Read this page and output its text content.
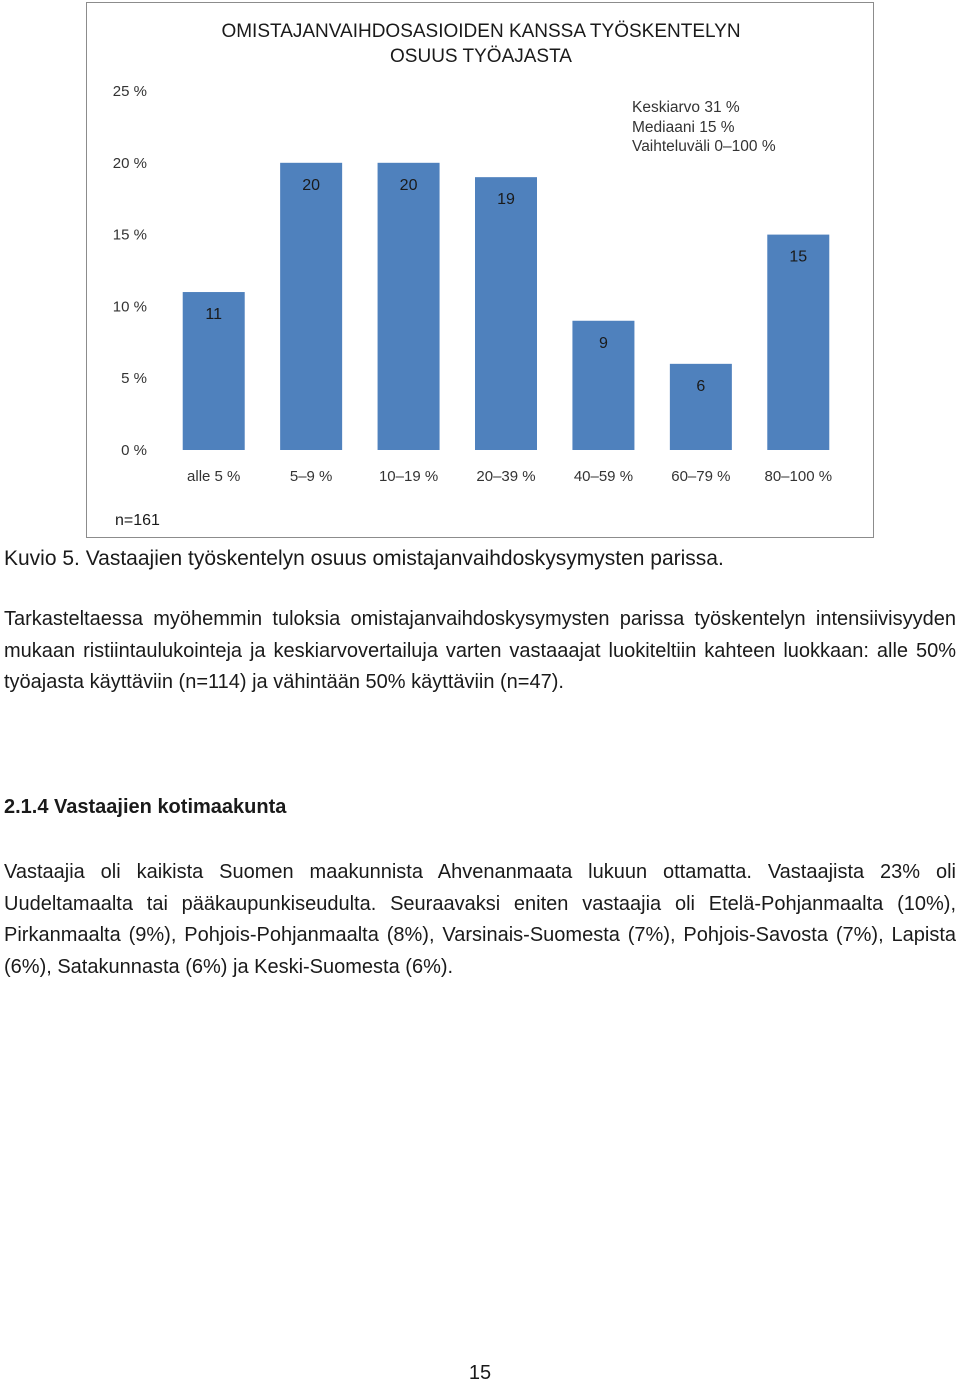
OMISTAJANVAIHDOSASIOIDEN KANSSA TYÖSKENTELYN
OSUUS TYÖAJASTA
Keskiarvo 31 %
Mediaani 15 %
Vaihteluväli 0–100 %
0 %
5 %
10 %
15 %
20 %
25 %
11
alle 5 %
20
5–9 %
20
10–19 %
19
20–39 %
9
40–59 %
6
60–79 %
15
80–100 %
n=161

Kuvio 5. Vastaajien työskentelyn osuus omistajanvaihdoskysymysten parissa.

Tarkasteltaessa myöhemmin tuloksia omistajanvaihdoskysymysten parissa työskentelyn intensiivisyyden mukaan ristiintaulukointeja ja keskiarvovertailuja varten vastaaajat luokiteltiin kahteen luokkaan: alle 50% työajasta käyttäviin (n=114) ja vähintään 50% käyttäviin (n=47).

2.1.4 Vastaajien kotimaakunta

Vastaajia oli kaikista Suomen maakunnista Ahvenanmaata lukuun ottamatta. Vastaajista 23% oli Uudeltamaalta tai pääkaupunkiseudulta. Seuraavaksi eniten vastaajia oli Etelä-Pohjanmaalta (10%), Pirkanmaalta (9%), Pohjois-Pohjanmaalta (8%), Varsinais-Suomesta (7%), Pohjois-Savosta (7%), Lapista (6%), Satakunnasta (6%) ja Keski-Suomesta (6%).

15
